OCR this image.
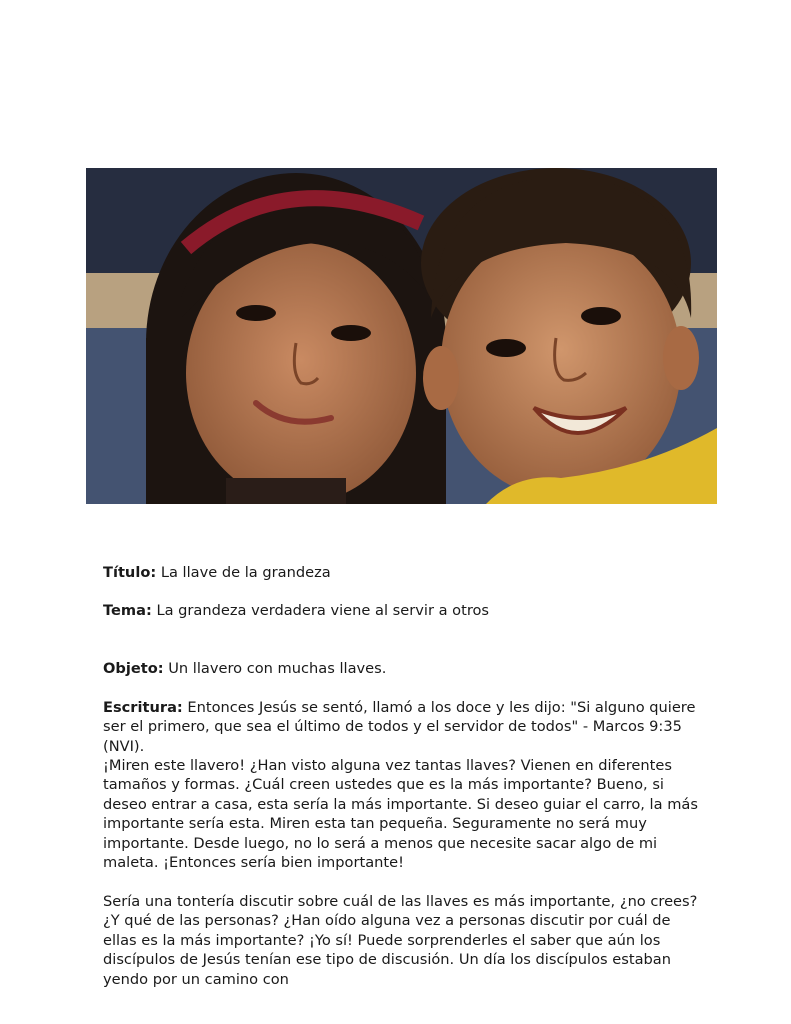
Título: La llave de la grandeza

Tema: La grandeza verdadera viene al servir a otros

Objeto: Un llavero con muchas llaves.

Escritura: Entonces Jesús se sentó, llamó a los doce y les dijo: "Si alguno quiere ser el primero, que sea el último de todos y el servidor de todos" - Marcos 9:35 (NVI).

¡Miren este llavero! ¿Han visto alguna vez tantas llaves? Vienen en diferentes tamaños y formas. ¿Cuál creen ustedes que es la más importante? Bueno, si deseo entrar a casa, esta sería la más importante. Si deseo guiar el carro, la más importante sería esta. Miren esta tan pequeña. Seguramente no será muy importante. Desde luego, no lo será a menos que necesite sacar algo de mi maleta. ¡Entonces sería bien importante!

Sería una tontería discutir sobre cuál de las llaves es más importante, ¿no crees? ¿Y qué de las personas? ¿Han oído alguna vez a personas discutir por cuál de ellas es la más importante? ¡Yo sí! Puede sorprenderles el saber que aún los discípulos de Jesús tenían ese tipo de discusión. Un día los discípulos estaban yendo por un camino con
